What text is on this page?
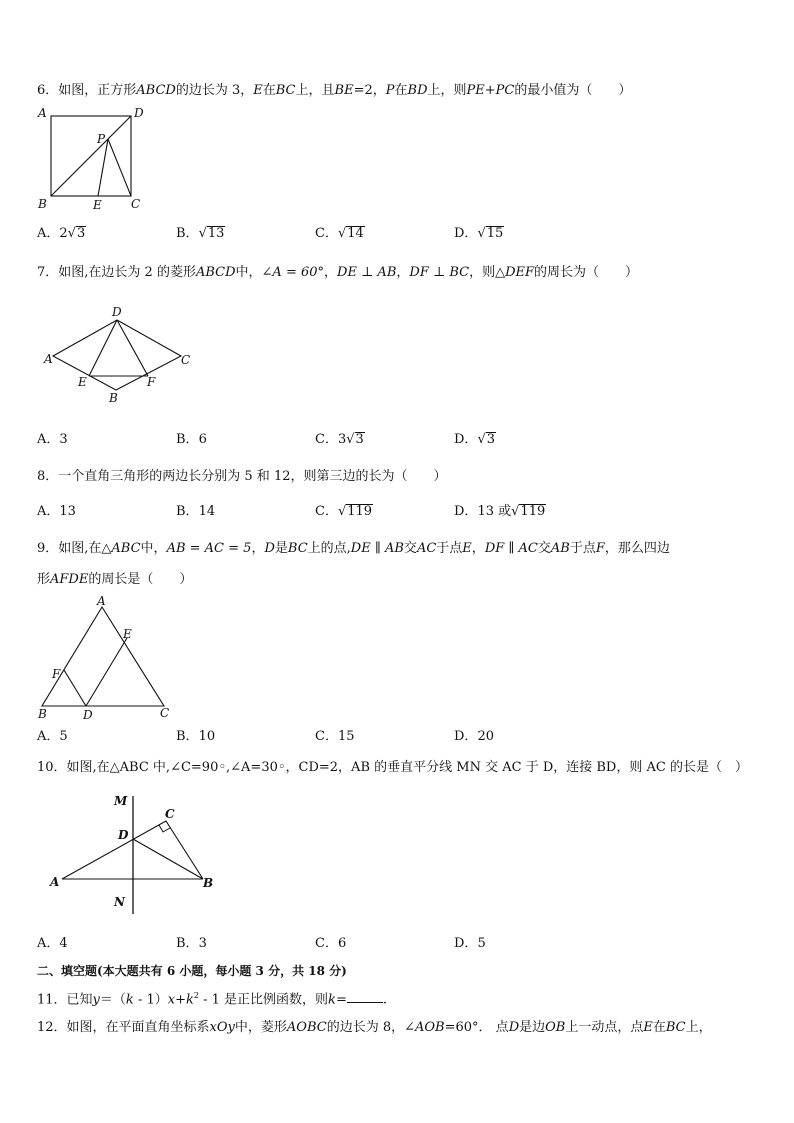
6．如图，正方形ABCD的边长为 3，E在BC上，且BE=2，P在BD上，则PE+PC的最小值为（　　）
A	D
P
B	E C
A．2√3	B．√13	C．√14	D．√15
7．如图,在边长为 2 的菱形ABCD中，∠A = 60°，DE ⊥ AB，DF ⊥ BC，则△DEF的周长为（　　）
D
A	C
E	F
B
A．3	B．6	C．3√3	D．√3
8．一个直角三角形的两边长分别为 5 和 12，则第三边的长为（　　）
A．13	B．14	C．√119	D．13 或√119
9．如图,在△ABC中，AB = AC = 5，D是BC上的点,DE ∥ AB交AC于点E，DF ∥ AC交AB于点F，那么四边
形AFDE的周长是（　　）
A
E
F
B	D	C
A．5	B．10	C．15	D．20
10．如图,在△ABC 中,∠C=90◦,∠A=30◦，CD=2，AB 的垂直平分线 MN 交 AC 于 D，连接 BD，则 AC 的长是（　）
M
C
D
A	B
N
A．4	B．3	C．6	D．5
二、填空题(本大题共有 6 小题，每小题 3 分，共 18 分)
11．已知$y=(k - 1)x+k^2 - 1$ 是正比例函数，则k=	.
12．如图，在平面直角坐标系xOy中，菱形AOBC的边长为 8，∠AOB=60°． 点D是边OB上一动点，点E在BC上，
